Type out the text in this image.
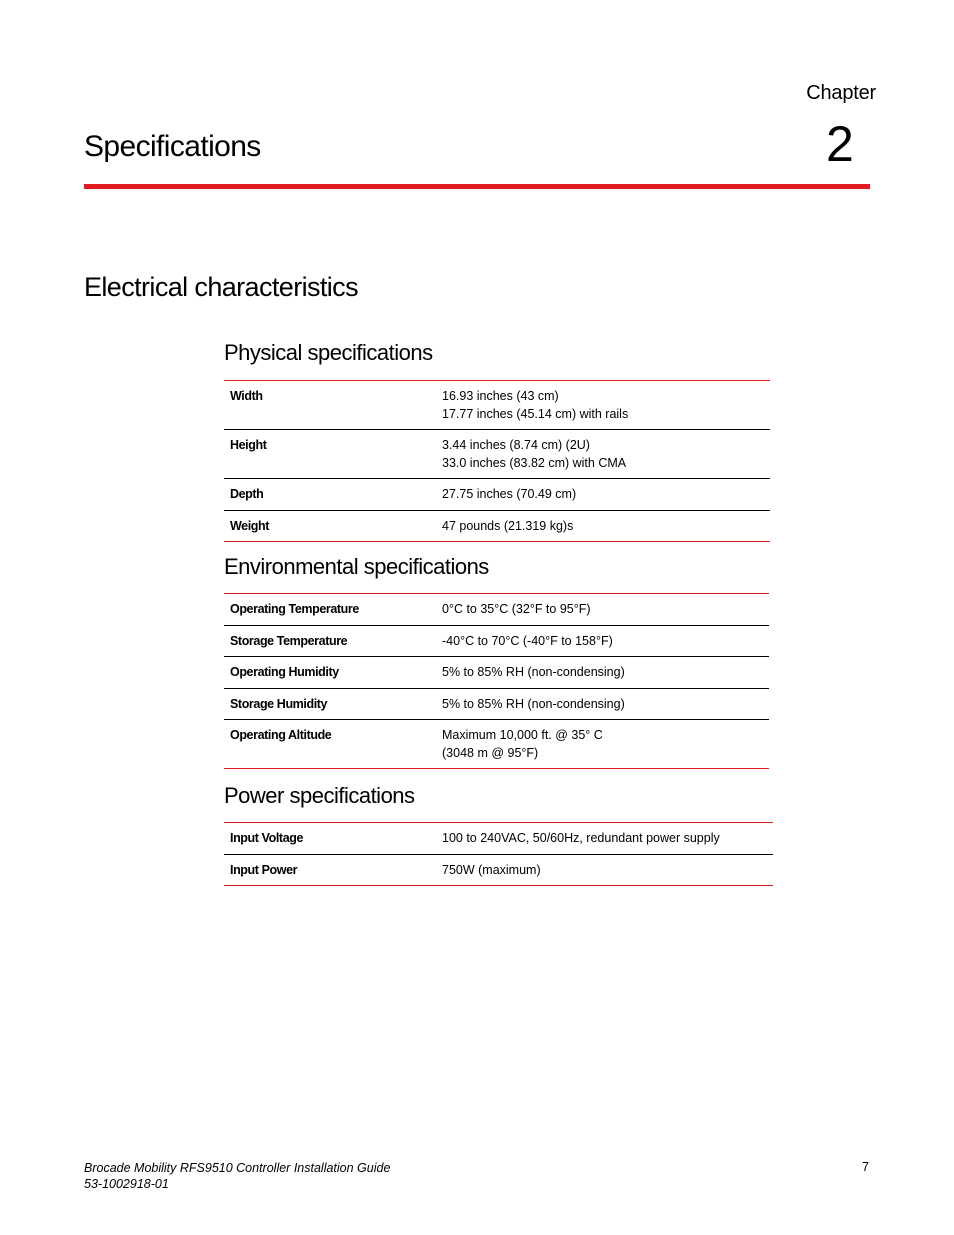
Chapter
2
Specifications
Electrical characteristics
Physical specifications
Width	16.93 inches (43 cm)
17.77 inches (45.14 cm) with rails

Height	3.44 inches (8.74 cm) (2U)
33.0 inches (83.82 cm) with CMA

Depth	27.75 inches (70.49 cm)

Weight	47 pounds (21.319 kg)s
Environmental specifications
Operating Temperature	0°C to 35°C (32°F to 95°F)

Storage Temperature	-40°C to 70°C (-40°F to 158°F)

Operating Humidity	5% to 85% RH (non-condensing)

Storage Humidity	5% to 85% RH (non-condensing)

Operating Altitude	Maximum 10,000 ft. @ 35° C
(3048 m @ 95°F)
Power specifications
Input Voltage	100 to 240VAC, 50/60Hz, redundant power supply

Input Power	750W (maximum)
Brocade Mobility RFS9510 Controller Installation Guide
53-1002918-01
7
